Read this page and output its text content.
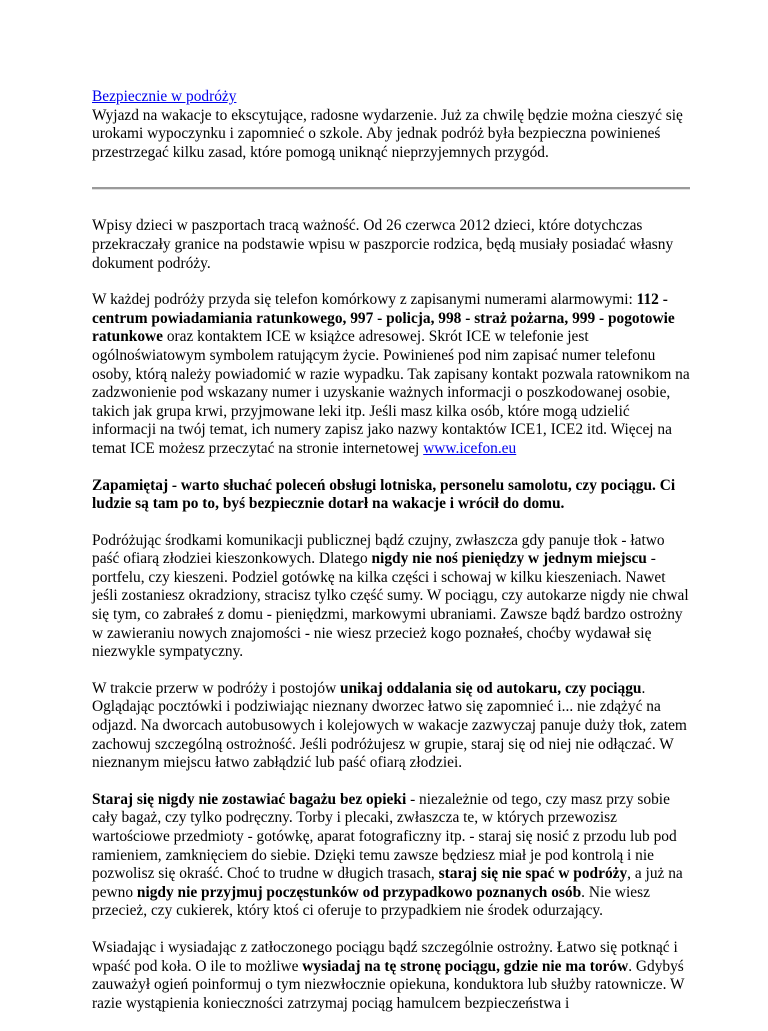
Bezpiecznie w podróży

Wyjazd na wakacje to ekscytujące, radosne wydarzenie. Już za chwilę będzie można cieszyć się urokami wypoczynku i zapomnieć o szkole. Aby jednak podróż była bezpieczna powinieneś przestrzegać kilku zasad, które pomogą uniknąć nieprzyjemnych przygód.

Wpisy dzieci w paszportach tracą ważność. Od 26 czerwca 2012 dzieci, które dotychczas przekraczały granice na podstawie wpisu w paszporcie rodzica, będą musiały posiadać własny dokument podróży.

W każdej podróży przyda się telefon komórkowy z zapisanymi numerami alarmowymi: 112 - centrum powiadamiania ratunkowego, 997 - policja, 998 - straż pożarna, 999 - pogotowie ratunkowe oraz kontaktem ICE w książce adresowej. Skrót ICE w telefonie jest ogólnoświatowym symbolem ratującym życie. Powinieneś pod nim zapisać numer telefonu osoby, którą należy powiadomić w razie wypadku. Tak zapisany kontakt pozwala ratownikom na zadzwonienie pod wskazany numer i uzyskanie ważnych informacji o poszkodowanej osobie, takich jak grupa krwi, przyjmowane leki itp. Jeśli masz kilka osób, które mogą udzielić informacji na twój temat, ich numery zapisz jako nazwy kontaktów ICE1, ICE2 itd. Więcej na temat ICE możesz przeczytać na stronie internetowej www.icefon.eu

Zapamiętaj - warto słuchać poleceń obsługi lotniska, personelu samolotu, czy pociągu. Ci ludzie są tam po to, byś bezpiecznie dotarł na wakacje i wrócił do domu.

Podróżując środkami komunikacji publicznej bądź czujny, zwłaszcza gdy panuje tłok - łatwo paść ofiarą złodziei kieszonkowych. Dlatego nigdy nie noś pieniędzy w jednym miejscu - portfelu, czy kieszeni. Podziel gotówkę na kilka części i schowaj w kilku kieszeniach. Nawet jeśli zostaniesz okradziony, stracisz tylko część sumy. W pociągu, czy autokarze nigdy nie chwal się tym, co zabrałeś z domu - pieniędzmi, markowymi ubraniami. Zawsze bądź bardzo ostrożny w zawieraniu nowych znajomości - nie wiesz przecież kogo poznałeś, choćby wydawał się niezwykle sympatyczny.

W trakcie przerw w podróży i postojów unikaj oddalania się od autokaru, czy pociągu. Oglądając pocztówki i podziwiając nieznany dworzec łatwo się zapomnieć i... nie zdążyć na odjazd. Na dworcach autobusowych i kolejowych w wakacje zazwyczaj panuje duży tłok, zatem zachowuj szczególną ostrożność. Jeśli podróżujesz w grupie, staraj się od niej nie odłączać. W nieznanym miejscu łatwo zabłądzić lub paść ofiarą złodziei.

Staraj się nigdy nie zostawiać bagażu bez opieki - niezależnie od tego, czy masz przy sobie cały bagaż, czy tylko podręczny. Torby i plecaki, zwłaszcza te, w których przewozisz wartościowe przedmioty - gotówkę, aparat fotograficzny itp. - staraj się nosić z przodu lub pod ramieniem, zamknięciem do siebie. Dzięki temu zawsze będziesz miał je pod kontrolą i nie pozwolisz się okraść. Choć to trudne w długich trasach, staraj się nie spać w podróży, a już na pewno nigdy nie przyjmuj poczęstunków od przypadkowo poznanych osób. Nie wiesz przecież, czy cukierek, który ktoś ci oferuje to przypadkiem nie środek odurzający.

Wsiadając i wysiadając z zatłoczonego pociągu bądź szczególnie ostrożny. Łatwo się potknąć i wpaść pod koła. O ile to możliwe wysiadaj na tę stronę pociągu, gdzie nie ma torów. Gdybyś zauważył ogień poinformuj o tym niezwłocznie opiekuna, konduktora lub służby ratownicze. W razie wystąpienia konieczności zatrzymaj pociąg hamulcem bezpieczeństwa i
